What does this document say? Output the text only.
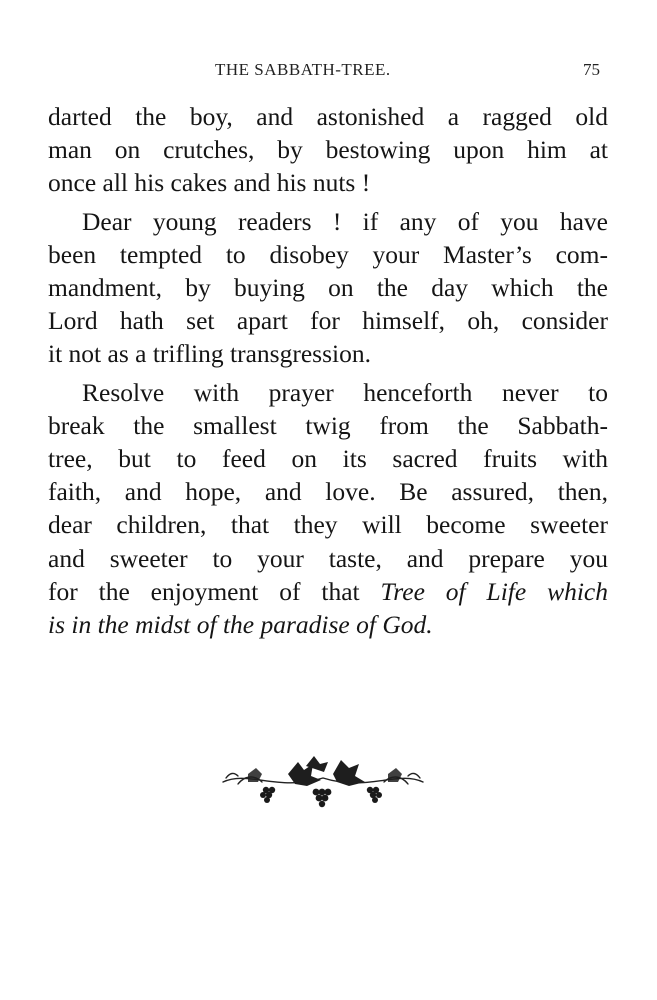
THE SABBATH-TREE.	75

darted the boy, and astonished a ragged old
man on crutches, by bestowing upon him at
once all his cakes and his nuts !

Dear young readers ! if any of you have
been tempted to disobey your Master’s com-
mandment, by buying on the day which the
Lord hath set apart for himself, oh, consider
it not as a trifling transgression.

Resolve with prayer henceforth never to
break the smallest twig from the Sabbath-
tree, but to feed on its sacred fruits with
faith, and hope, and love. Be assured, then,
dear children, that they will become sweeter
and sweeter to your taste, and prepare you
for the enjoyment of that Tree of Life which
is in the midst of the paradise of God.
